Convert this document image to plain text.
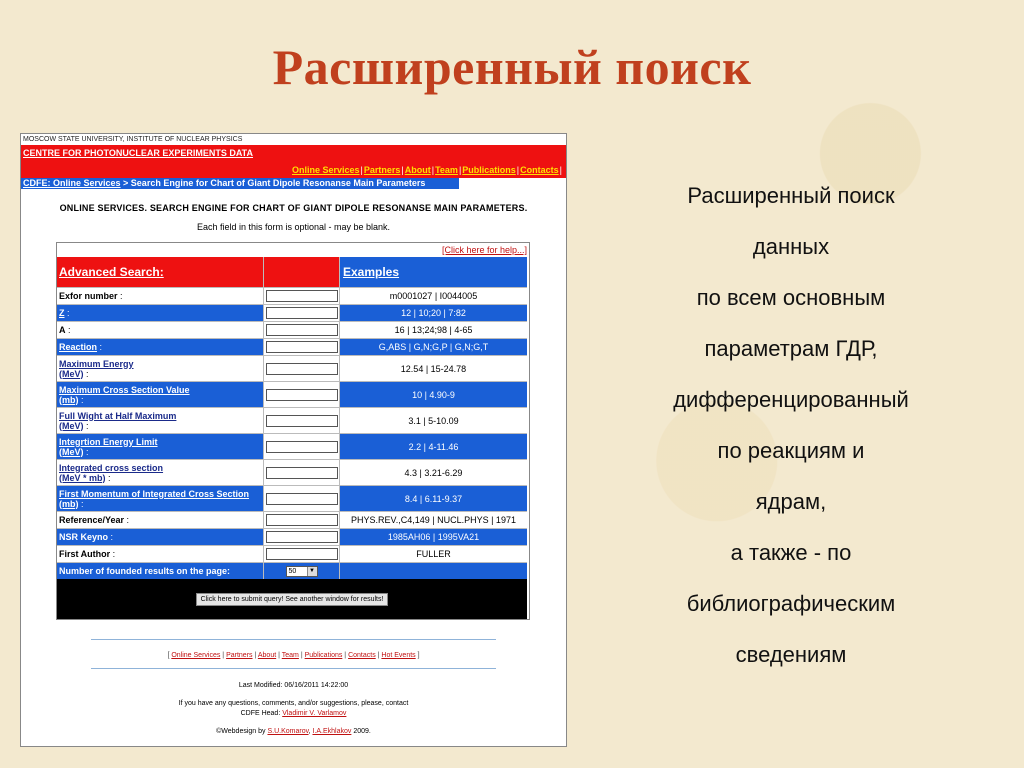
Расширенный поиск
MOSCOW STATE UNIVERSITY, INSTITUTE OF NUCLEAR PHYSICS
CENTRE FOR PHOTONUCLEAR EXPERIMENTS DATA
Online Services|Partners|About|Team|Publications|Contacts|
CDFE: Online Services > Search Engine for Chart of Giant Dipole Resonanse Main Parameters
ONLINE SERVICES. SEARCH ENGINE FOR CHART OF GIANT DIPOLE RESONANSE MAIN PARAMETERS.
Each field in this form is optional - may be blank.
[Click here for help...]
Advanced Search:	Examples
Exfor number :	m0001027 | I0044005
Z :	12 | 10;20 | 7:82
A :	16 | 13;24;98 | 4-65
Reaction :	G,ABS | G,N;G,P | G,N;G,T
Maximum Energy
(MeV) :	12.54 | 15-24.78
Maximum Cross Section Value
(mb) :	10 | 4.90-9
Full Wight at Half Maximum
(MeV) :	3.1 | 5-10.09
Integrtion Energy Limit
(MeV) :	2.2 | 4-11.46
Integrated cross section
(MeV * mb) :	4.3 | 3.21-6.29
First Momentum of Integrated Cross Section
(mb) :	8.4 | 6.11-9.37
Reference/Year :	PHYS.REV.,C4,149 | NUCL.PHYS | 1971
NSR Keyno :	1985AH06 | 1995VA21
First Author :	FULLER
Number of founded results on the page :	50	▼
Click here to submit query! See another window for results!
[ Online Services | Partners | About | Team | Publications | Contacts | Hot Events ]
Last Modified: 06/16/2011 14:22:00
If you have any questions, comments, and/or suggestions, please, contact
CDFE Head: Vladimir V. Varlamov
©Webdesign by S.U.Komarov, I.A.Ekhlakov 2009.
Расширенный поиск
данных
по всем основным
параметрам ГДР,
дифференцированный
по реакциям и
ядрам,
а также - по
библиографическим
сведениям
